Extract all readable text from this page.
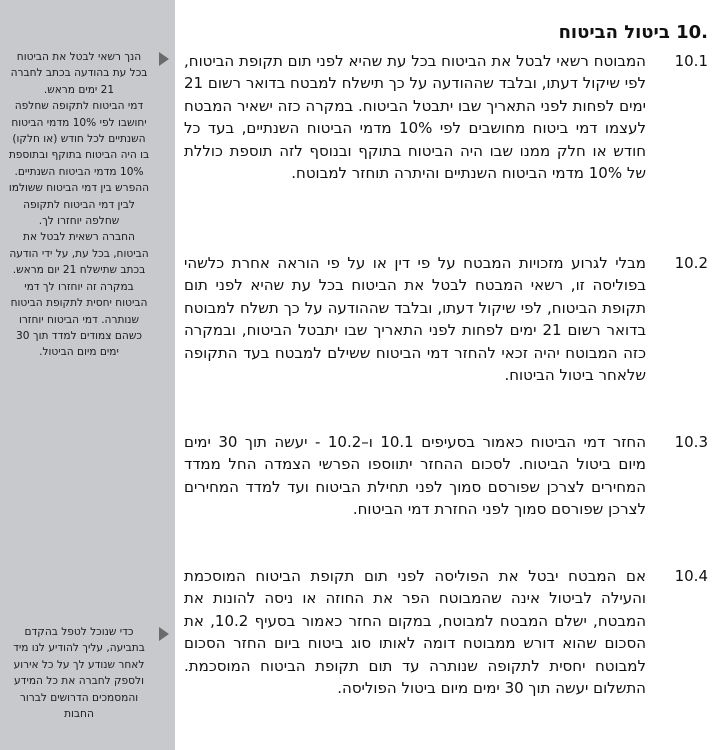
הנך רשאי לבטל את הביטוח בכל עת בהודעה בכתב לחברה 21 ימים מראש.

דמי הביטוח לתקופה שחלפה יחושבו לפי 10% מדמי הביטוח השנתיים לכל חודש (או חלקו) בו היה הביטוח בתוקף ובתוספת 10% מדמי הביטוח השנתיים. ההפרש בין דמי הביטוח ששולמו לבין דמי הביטוח לתקופה שחלפה יוחזרו לך.

החברה רשאית לבטל את הביטוח, בכל עת, על ידי הודעה בכתב שתישלח 21 יום מראש. במקרה זה יוחזרו לך דמי הביטוח יחסית לתקופת הביטוח שנותרה. דמי הביטוח יוחזרו כשהם צמודים למדד תוך 30 ימים מיום הביטול.

כדי שנוכל לטפל בהקדם בתביעה, עליך להודיע לנו מיד לאחר שנודע לך על כל אירוע ולספק לחברה את כל המידע והמסמכים הדרושים לברור החבות

.10 ביטול הביטוח
10.1

המבוטח רשאי לבטל את הביטוח בכל עת שהיא לפני תום תקופת הביטוח, לפי שיקול דעתו, ובלבד שההודעה על כך תישלח למבטח בדואר רשום 21 ימים לפחות לפני התאריך שבו יתבטל הביטוח. במקרה כזה ישאיר המבטח לעצמו דמי ביטוח מחושבים לפי 10% מדמי הביטוח השנתיים, בעד כל חודש או חלק ממנו שבו היה הביטוח בתוקף ובנוסף לזה תוספת כוללת של 10% מדמי הביטוח השנתיים והיתרה תוחזר למבוטח.

10.2

מבלי לגרוע מזכויות המבטח על פי דין או על פי הוראה אחרת כלשהי בפוליסה זו, רשאי המבטח לבטל את הביטוח בכל עת שהיא לפני תום תקופת הביטוח, לפי שיקול דעתו, ובלבד שההודעה על כך תשלח למבוטח בדואר רשום 21 ימים לפחות לפני התאריך שבו יתבטל הביטוח, ובמקרה כזה המבוטח יהיה זכאי להחזר דמי הביטוח ששילם למבטח בעד התקופה שלאחר ביטול הביטוח.

10.3

החזר דמי הביטוח כאמור בסעיפים 10.1 ו–10.2 - יעשה תוך 30 ימים מיום ביטול הביטוח. לסכום ההחזר יתווספו הפרשי הצמדה החל ממדד המחירים לצרכן שפורסם סמוך לפני תחילת הביטוח ועד למדד המחירים לצרכן שפורסם סמוך לפני החזרת דמי הביטוח.

10.4

אם המבטח יבטל את הפוליסה לפני תום תקופת הביטוח המוסכמת והעילה לביטול אינה שהמבוטח הפר את החוזה או ניסה להונות את המבטח, ישלם המבטח למבוטח, במקום החזר כאמור בסעיף 10.2, את הסכום שהוא דורש ממבוטח דומה לאותו סוג ביטוח ביום החזר הסכום למבוטח יחסית לתקופה שנותרה עד תום תקופת הביטוח המוסכמת. התשלום יעשה תוך 30 ימים מיום ביטול הפוליסה.
